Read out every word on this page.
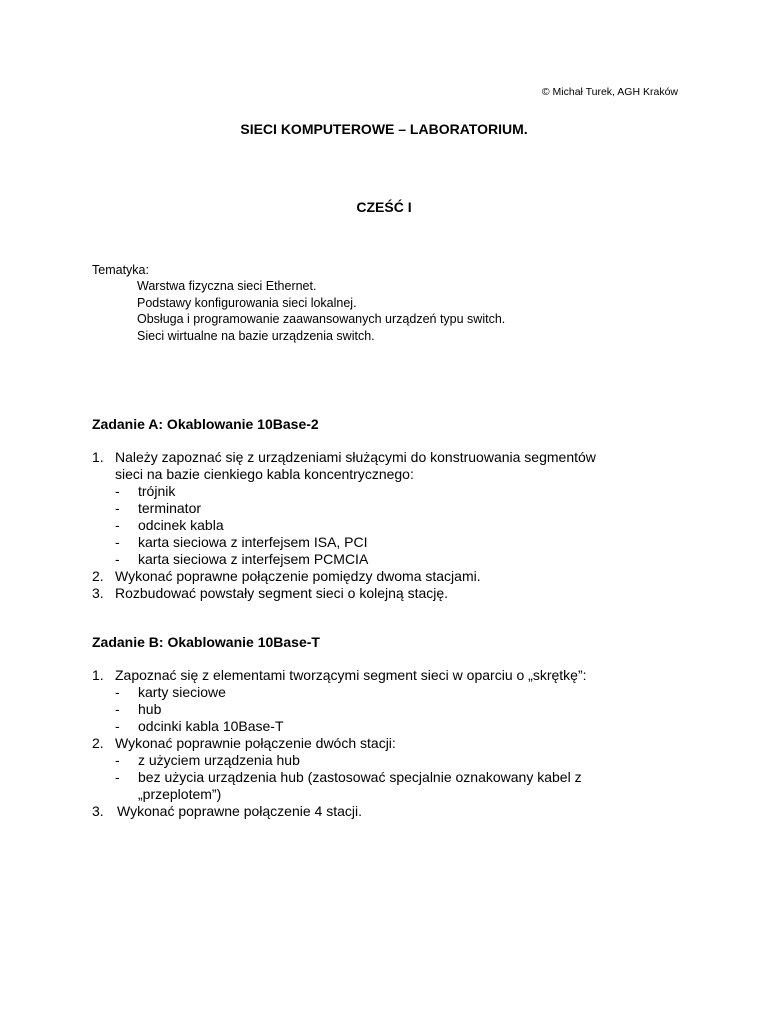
© Michał Turek, AGH Kraków
SIECI KOMPUTEROWE – LABORATORIUM.
CZEŚĆ I
Tematyka:
Warstwa fizyczna sieci Ethernet.
Podstawy konfigurowania sieci lokalnej.
Obsługa i programowanie zaawansowanych urządzeń typu switch.
Sieci wirtualne na bazie urządzenia switch.
Zadanie A: Okablowanie 10Base-2
1. Należy zapoznać się z urządzeniami służącymi do konstruowania segmentów
sieci na bazie cienkiego kabla koncentrycznego:
- trójnik
- terminator
- odcinek kabla
- karta sieciowa z interfejsem ISA, PCI
- karta sieciowa z interfejsem PCMCIA
2. Wykonać poprawne połączenie pomiędzy dwoma stacjami.
3. Rozbudować powstały segment sieci o kolejną stację.
Zadanie B: Okablowanie 10Base-T
1. Zapoznać się z elementami tworzącymi segment sieci w oparciu o „skrętkę”:
- karty sieciowe
- hub
- odcinki kabla 10Base-T
2. Wykonać poprawnie połączenie dwóch stacji:
- z użyciem urządzenia hub
- bez użycia urządzenia hub (zastosować specjalnie oznakowany kabel z
„przeplotem”)
3. Wykonać poprawne połączenie 4 stacji.
